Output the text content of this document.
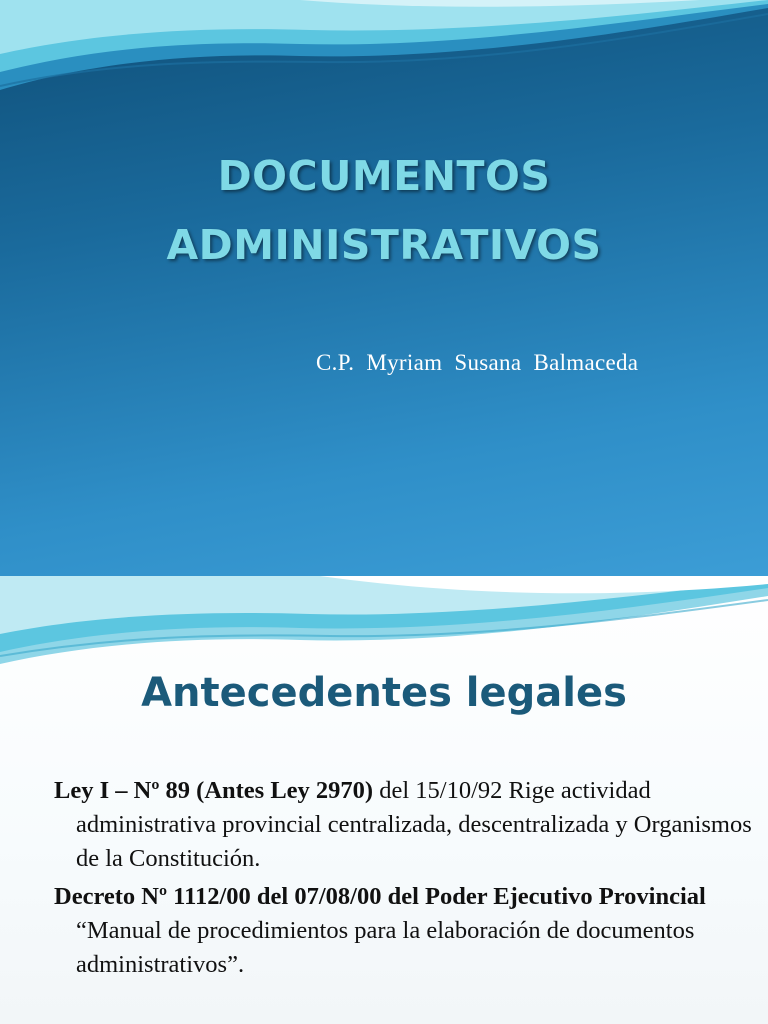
DOCUMENTOS
ADMINISTRATIVOS
C.P.  Myriam  Susana  Balmaceda
Antecedentes legales
Ley I – Nº 89 (Antes Ley 2970) del 15/10/92 Rige actividad administrativa provincial centralizada, descentralizada y Organismos de la Constitución.
Decreto Nº 1112/00 del 07/08/00 del Poder Ejecutivo Provincial “Manual de procedimientos para la elaboración de documentos administrativos”.
